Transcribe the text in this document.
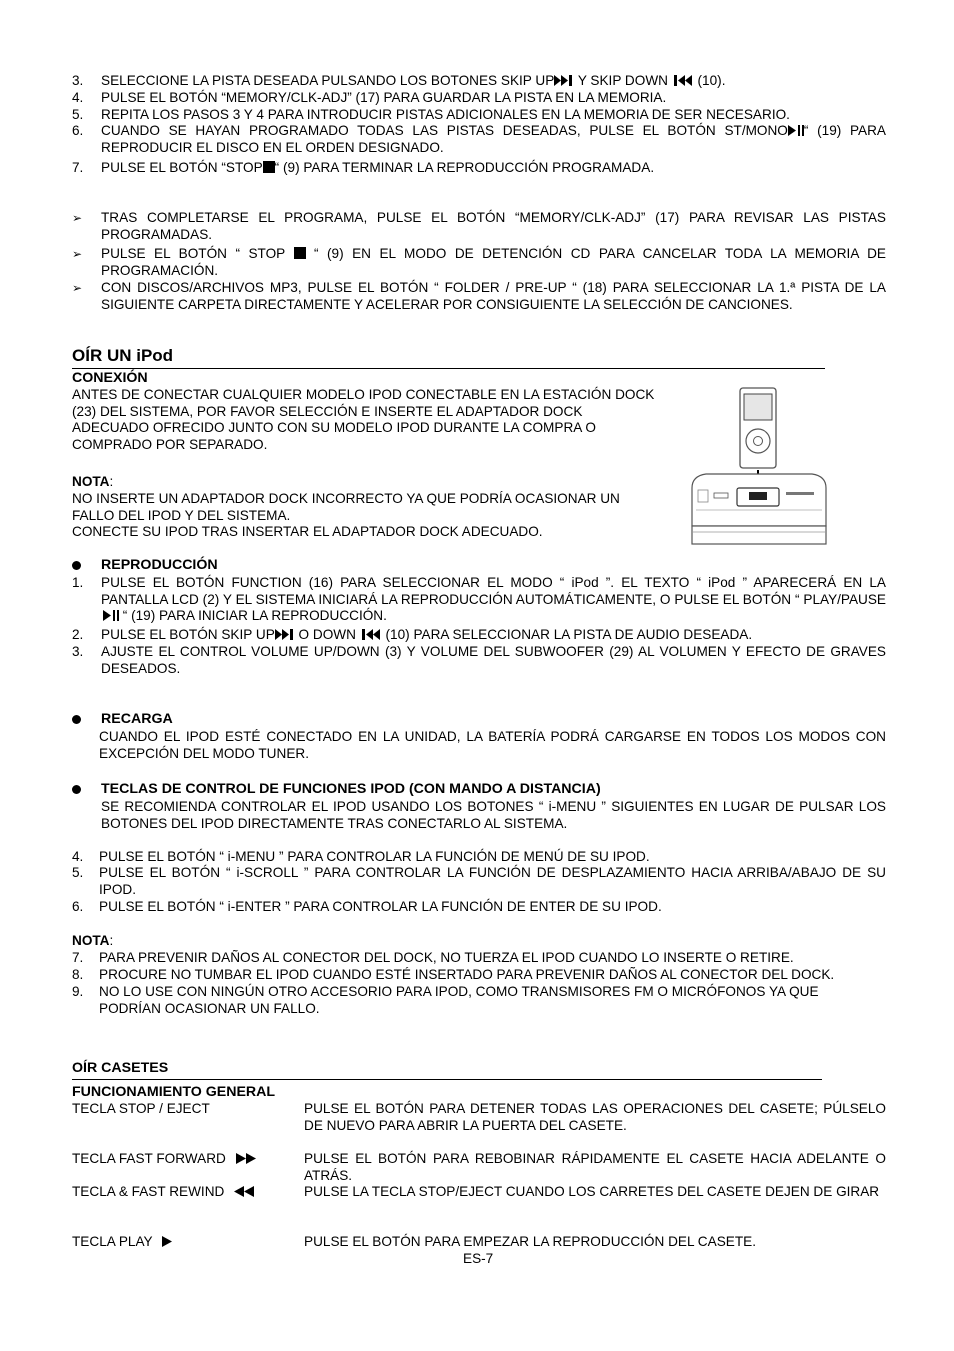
3. SELECCIONE LA PISTA DESEADA PULSANDO LOS BOTONES SKIP UP Y SKIP DOWN  (10).
4. PULSE EL BOTÓN “MEMORY/CLK-ADJ” (17) PARA GUARDAR LA PISTA EN LA MEMORIA.
5. REPITA LOS PASOS 3 Y 4 PARA INTRODUCIR PISTAS ADICIONALES EN LA MEMORIA DE SER NECESARIO.
6. CUANDO SE HAYAN PROGRAMADO TODAS LAS PISTAS DESEADAS, PULSE EL BOTÓN ST/MONO “ (19) PARA REPRODUCIR EL DISCO EN EL ORDEN DESIGNADO.
7. PULSE EL BOTÓN “STOP “ (9) PARA TERMINAR LA REPRODUCCIÓN PROGRAMADA.
➢ TRAS COMPLETARSE EL PROGRAMA, PULSE EL BOTÓN “MEMORY/CLK-ADJ” (17) PARA REVISAR LAS PISTAS PROGRAMADAS.
➢ PULSE EL BOTÓN “ STOP  “ (9) EN EL MODO DE DETENCIÓN CD PARA CANCELAR TODA LA MEMORIA DE PROGRAMACIÓN.
➢ CON DISCOS/ARCHIVOS MP3, PULSE EL BOTÓN “ FOLDER / PRE-UP “ (18) PARA SELECCIONAR LA 1.ª PISTA DE LA SIGUIENTE CARPETA DIRECTAMENTE Y ACELERAR POR CONSIGUIENTE LA SELECCIÓN DE CANCIONES.
OÍR UN iPod
CONEXIÓN
ANTES DE CONECTAR CUALQUIER MODELO IPOD CONECTABLE EN LA ESTACIÓN DOCK (23) DEL SISTEMA, POR FAVOR SELECCIÓN E INSERTE EL ADAPTADOR DOCK ADECUADO OFRECIDO JUNTO CON SU MODELO IPOD DURANTE LA COMPRA O COMPRADO POR SEPARADO.
NOTA:
NO INSERTE UN ADAPTADOR DOCK INCORRECTO YA QUE PODRÍA OCASIONAR UN FALLO DEL IPOD Y DEL SISTEMA.
CONECTE SU IPOD TRAS INSERTAR EL ADAPTADOR DOCK ADECUADO.
REPRODUCCIÓN
1. PULSE EL BOTÓN FUNCTION (16) PARA SELECCIONAR EL MODO “ iPod ”. EL TEXTO “ iPod ” APARECERÁ EN LA PANTALLA LCD (2) Y EL SISTEMA INICIARÁ LA REPRODUCCIÓN AUTOMÁTICAMENTE, O PULSE EL BOTÓN “ PLAY/PAUSE  “ (19) PARA INICIAR LA REPRODUCCIÓN.
2. PULSE EL BOTÓN SKIP UP O DOWN  (10) PARA SELECCIONAR LA PISTA DE AUDIO DESEADA.
3. AJUSTE EL CONTROL VOLUME UP/DOWN (3) Y VOLUME DEL SUBWOOFER (29) AL VOLUMEN Y EFECTO DE GRAVES DESEADOS.
RECARGA
CUANDO EL IPOD ESTÉ CONECTADO EN LA UNIDAD, LA BATERÍA PODRÁ CARGARSE EN TODOS LOS MODOS CON EXCEPCIÓN DEL MODO TUNER.
TECLAS DE CONTROL DE FUNCIONES IPOD (CON MANDO A DISTANCIA)
SE RECOMIENDA CONTROLAR EL IPOD USANDO LOS BOTONES “ i-MENU ” SIGUIENTES EN LUGAR DE PULSAR LOS BOTONES DEL IPOD DIRECTAMENTE TRAS CONECTARLO AL SISTEMA.
4. PULSE EL BOTÓN “ i-MENU ” PARA CONTROLAR LA FUNCIÓN DE MENÚ DE SU IPOD.
5. PULSE EL BOTÓN “ i-SCROLL ” PARA CONTROLAR LA FUNCIÓN DE DESPLAZAMIENTO HACIA ARRIBA/ABAJO DE SU IPOD.
6. PULSE EL BOTÓN “ i-ENTER ” PARA CONTROLAR LA FUNCIÓN DE ENTER DE SU IPOD.
NOTA:
7. PARA PREVENIR DAÑOS AL CONECTOR DEL DOCK, NO TUERZA EL IPOD CUANDO LO INSERTE O RETIRE.
8. PROCURE NO TUMBAR EL IPOD CUANDO ESTÉ INSERTADO PARA PREVENIR DAÑOS AL CONECTOR DEL DOCK.
9. NO LO USE CON NINGÚN OTRO ACCESORIO PARA IPOD, COMO TRANSMISORES FM O MICRÓFONOS YA QUE PODRÍAN OCASIONAR UN FALLO.
OÍR CASETES
FUNCIONAMIENTO GENERAL
TECLA STOP / EJECT	PULSE EL BOTÓN PARA DETENER TODAS LAS OPERACIONES DEL CASETE; PÚLSELO DE NUEVO PARA ABRIR LA PUERTA DEL CASETE.
TECLA FAST FORWARD	PULSE EL BOTÓN PARA REBOBINAR RÁPIDAMENTE EL CASETE HACIA ADELANTE O ATRÁS.
TECLA & FAST REWIND	PULSE LA TECLA STOP/EJECT CUANDO LOS CARRETES DEL CASETE DEJEN DE GIRAR
TECLA PLAY	PULSE EL BOTÓN PARA EMPEZAR LA REPRODUCCIÓN DEL CASETE.
ES-7
